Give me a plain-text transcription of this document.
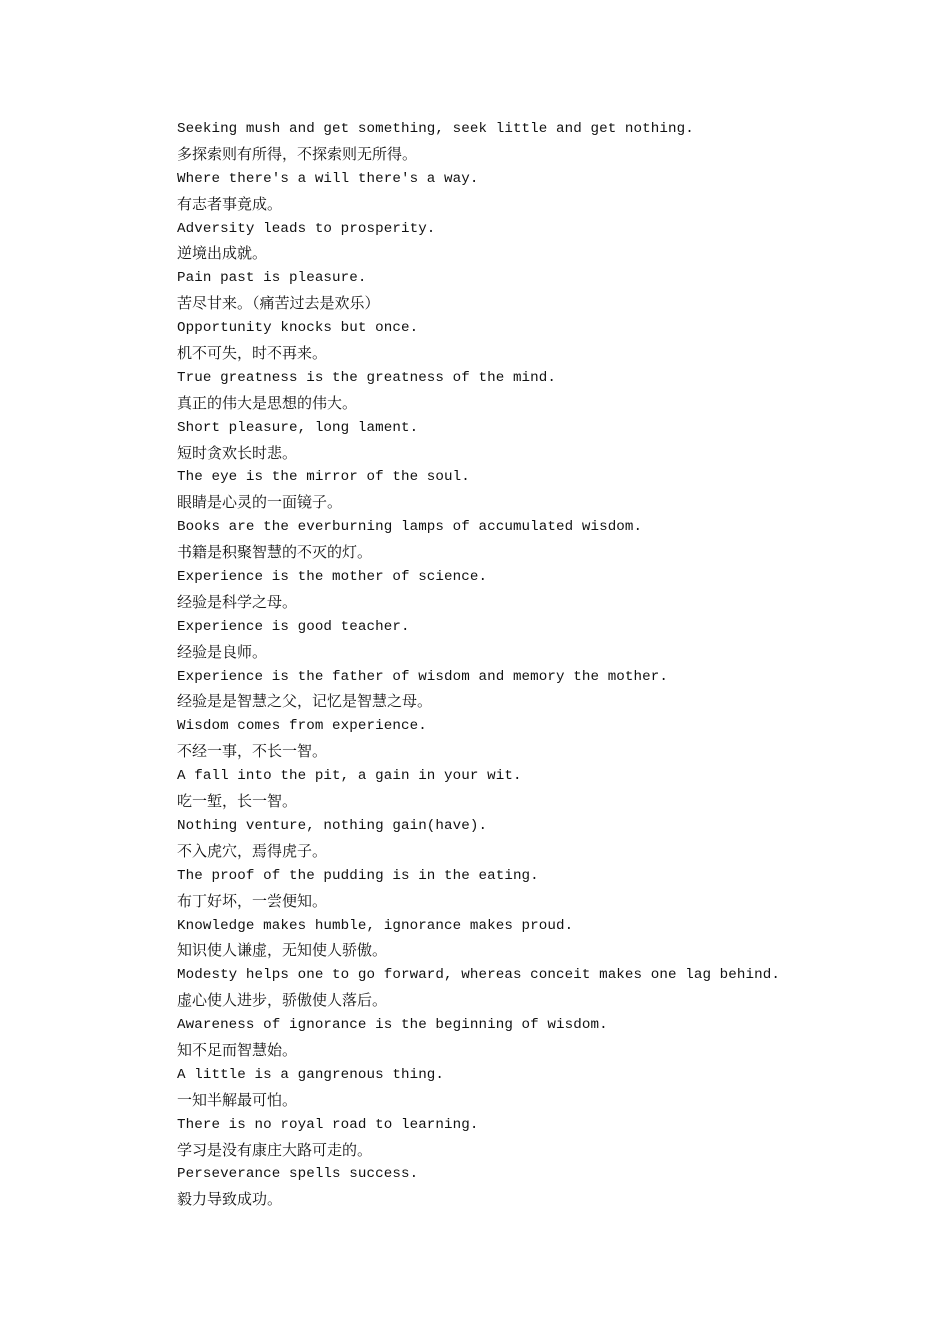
Seeking mush and get something, seek little and get nothing.
多探索则有所得，不探索则无所得。
Where there's a will there's a way.
有志者事竟成。
Adversity leads to prosperity.
逆境出成就。
Pain past is pleasure.
苦尽甘来。（痛苦过去是欢乐）
Opportunity knocks but once.
机不可失，时不再来。
True greatness is the greatness of the mind.
真正的伟大是思想的伟大。
Short pleasure, long lament.
短时贪欢长时悲。
The eye is the mirror of the soul.
眼睛是心灵的一面镜子。
Books are the everburning lamps of accumulated wisdom.
书籍是积聚智慧的不灭的灯。
Experience is the mother of science.
经验是科学之母。
Experience is good teacher.
经验是良师。
Experience is the father of wisdom and memory the mother.
经验是是智慧之父，记忆是智慧之母。
Wisdom comes from experience.
不经一事，不长一智。
A fall into the pit, a gain in your wit.
吃一堑，长一智。
Nothing venture, nothing gain(have).
不入虎穴，焉得虎子。
The proof of the pudding is in the eating.
布丁好坏，一尝便知。
Knowledge makes humble, ignorance makes proud.
知识使人谦虚，无知使人骄傲。
Modesty helps one to go forward, whereas conceit makes one lag behind.
虚心使人进步，骄傲使人落后。
Awareness of ignorance is the beginning of wisdom.
知不足而智慧始。
A little is a gangrenous thing.
一知半解最可怕。
There is no royal road to learning.
学习是没有康庄大路可走的。
Perseverance spells success.
毅力导致成功。
